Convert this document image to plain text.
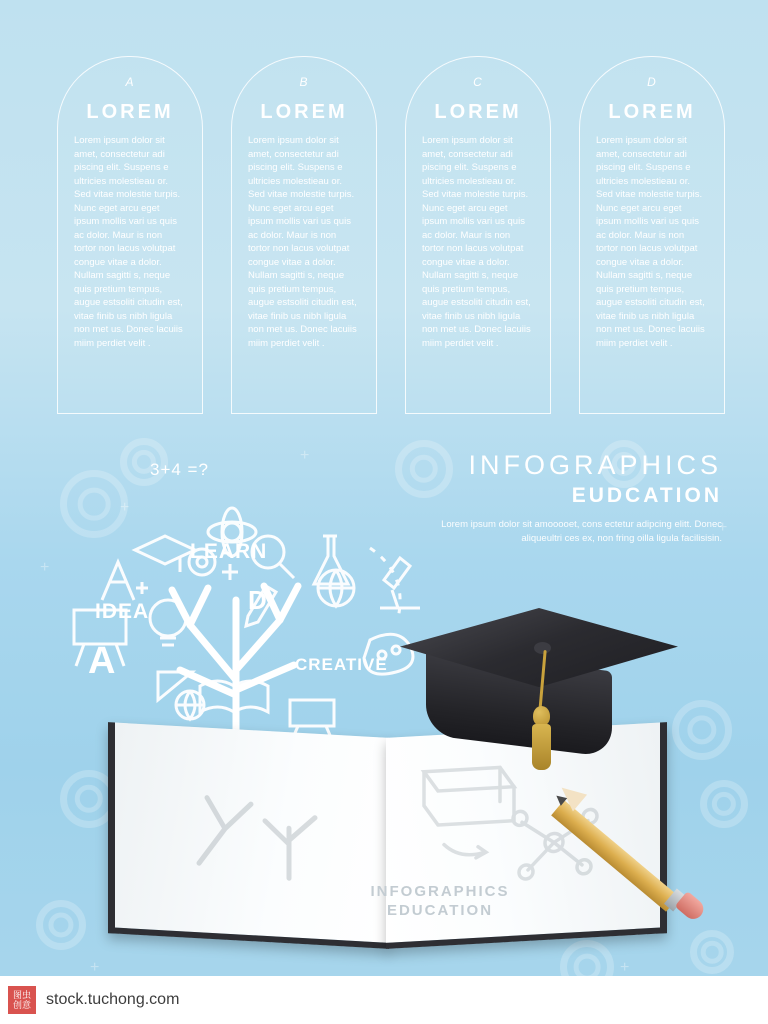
+
+
+
+
+
+
A
LOREM
Lorem ipsum dolor sit amet, consectetur adi piscing elit. Suspens e ultricies molestieau or. Sed vitae molestie turpis. Nunc eget arcu eget ipsum mollis vari us quis ac dolor. Maur is non tortor non lacus volutpat congue vitae a dolor. Nullam sagitti s, neque quis pretium tempus, augue estsoliti citudin est, vitae finib us nibh ligula non met us. Donec lacuiis miim perdiet velit .
B
LOREM
Lorem ipsum dolor sit amet, consectetur adi piscing elit. Suspens e ultricies molestieau or. Sed vitae molestie turpis. Nunc eget arcu eget ipsum mollis vari us quis ac dolor. Maur is non tortor non lacus volutpat congue vitae a dolor. Nullam sagitti s, neque quis pretium tempus, augue estsoliti citudin est, vitae finib us nibh ligula non met us. Donec lacuiis miim perdiet velit .
C
LOREM
Lorem ipsum dolor sit amet, consectetur adi piscing elit. Suspens e ultricies molestieau or. Sed vitae molestie turpis. Nunc eget arcu eget ipsum mollis vari us quis ac dolor. Maur is non tortor non lacus volutpat congue vitae a dolor. Nullam sagitti s, neque quis pretium tempus, augue estsoliti citudin est, vitae finib us nibh ligula non met us. Donec lacuiis miim perdiet velit .
D
LOREM
Lorem ipsum dolor sit amet, consectetur adi piscing elit. Suspens e ultricies molestieau or. Sed vitae molestie turpis. Nunc eget arcu eget ipsum mollis vari us quis ac dolor. Maur is non tortor non lacus volutpat congue vitae a dolor. Nullam sagitti s, neque quis pretium tempus, augue estsoliti citudin est, vitae finib us nibh ligula non met us. Donec lacuiis miim perdiet velit .
INFOGRAPHICS
EUDCATION
Lorem ipsum dolor sit amooooet, cons ectetur adipcing elitt. Donec aliqueultri ces ex, non fring oilla ligula facilisisin.
LEARN
IDEA
CREATIVE
A
D
3+4 =?
INFOGRAPHICS
EDUCATION
图虫创意 stock.tuchong.com
